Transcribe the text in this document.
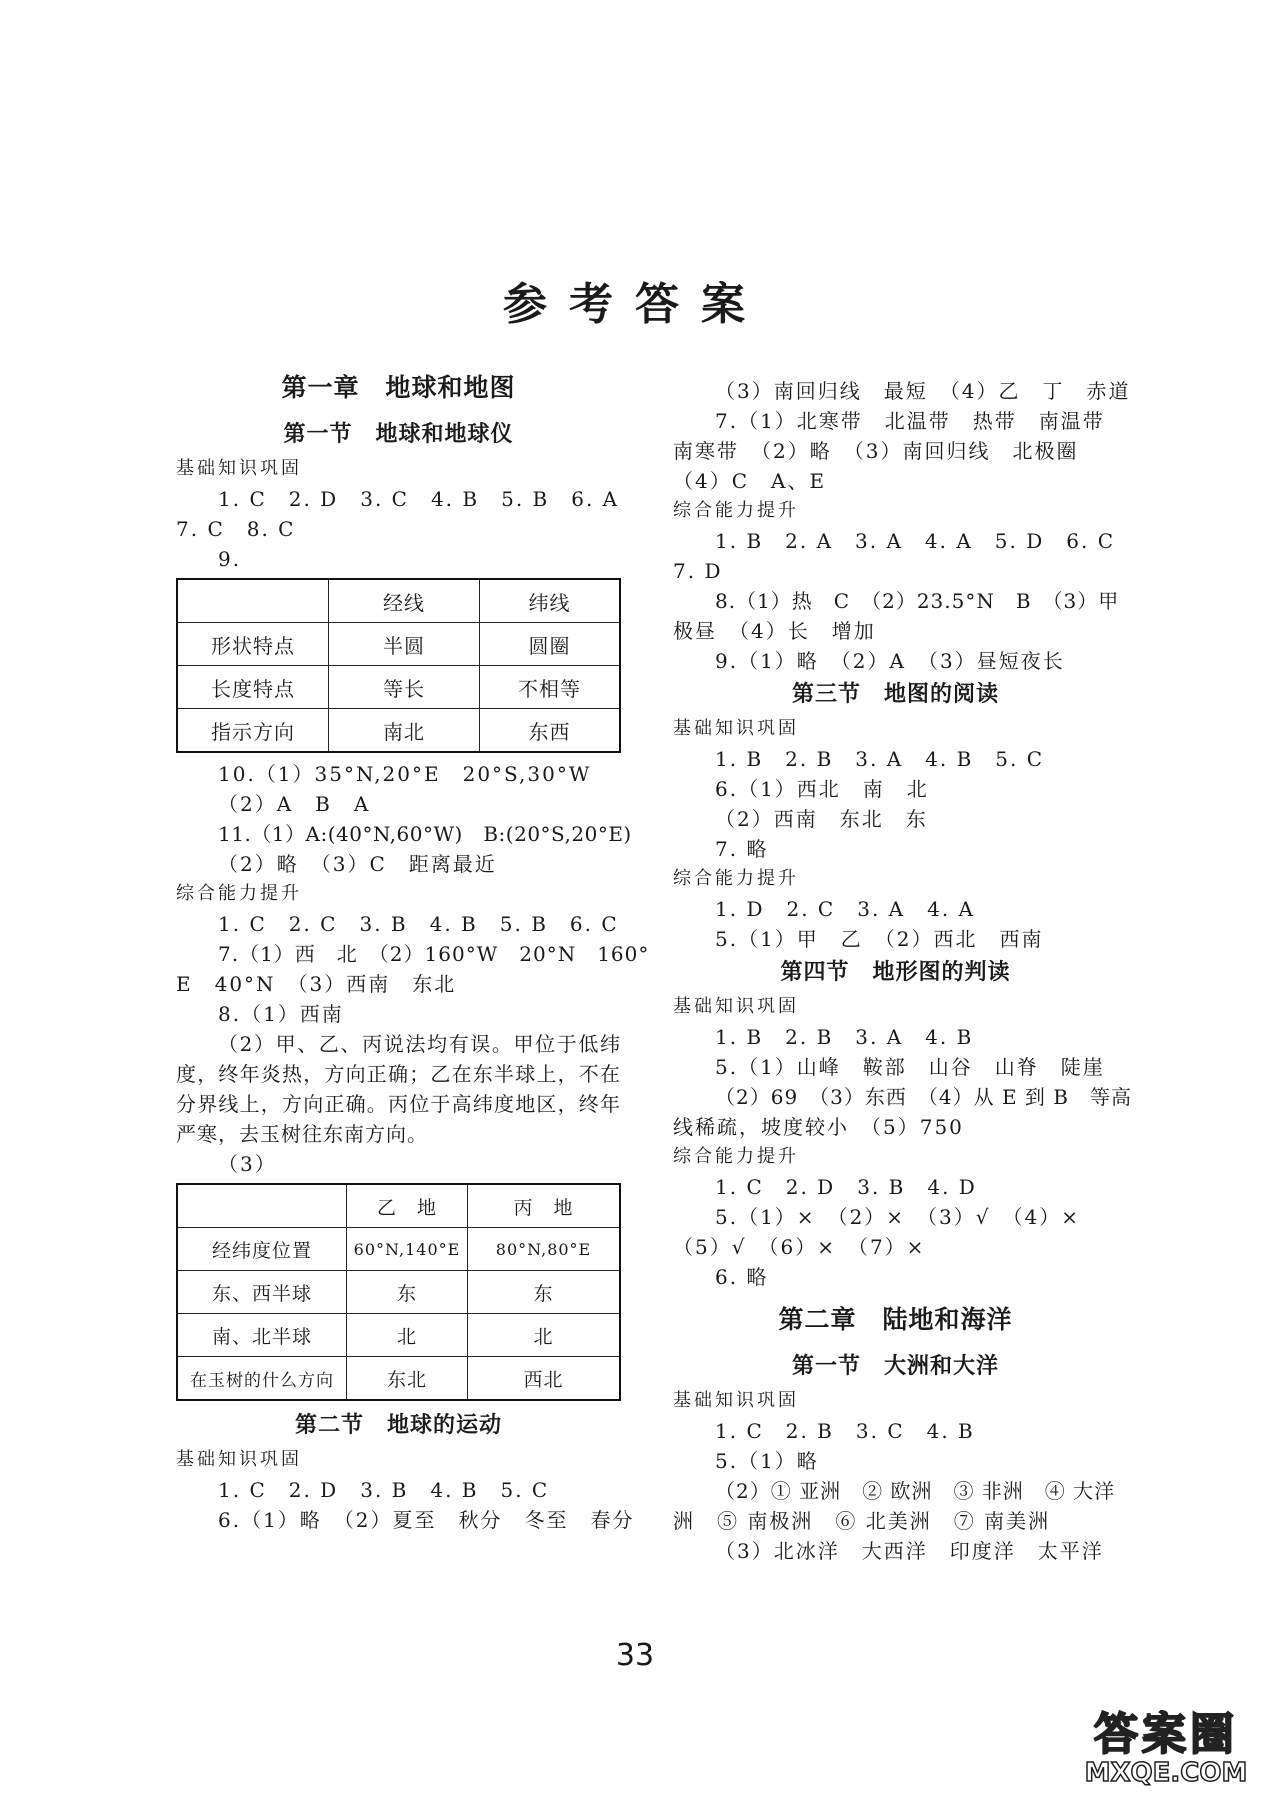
参考答案
第一章　地球和地图
第一节　地球和地球仪
基础知识巩固
1. C　2. D　3. C　4. B　5. B　6. A
7. C　8. C
9.
	经线	纬线
形状特点	半圆	圆圈
长度特点	等长	不相等
指示方向	南北	东西
10.（1）35°N,20°E　20°S,30°W
（2）A　B　A
11.（1）A:(40°N,60°W)　B:(20°S,20°E)
（2）略　（3）C　距离最近
综合能力提升
1. C　2. C　3. B　4. B　5. B　6. C
7.（1）西　北　（2）160°W　20°N　160°
E　40°N　（3）西南　东北
8.（1）西南
（2）甲、乙、丙说法均有误。甲位于低纬度，终年炎热，方向正确；乙在东半球上，不在分界线上，方向正确。丙位于高纬度地区，终年严寒，去玉树往东南方向。
（3）
	乙　地	丙　地
经纬度位置	60°N,140°E	80°N,80°E
东、西半球	东	东
南、北半球	北	北
在玉树的什么方向	东北	西北
第二节　地球的运动
基础知识巩固
1. C　2. D　3. B　4. B　5. C
6.（1）略　（2）夏至　秋分　冬至　春分
（3）南回归线　最短　（4）乙　丁　赤道
7.（1）北寒带　北温带　热带　南温带
南寒带　（2）略　（3）南回归线　北极圈
（4）C　A、E
综合能力提升
1. B　2. A　3. A　4. A　5. D　6. C
7. D
8.（1）热　C　（2）23.5°N　B　（3）甲
极昼　（4）长　增加
9.（1）略　（2）A　（3）昼短夜长
第三节　地图的阅读
基础知识巩固
1. B　2. B　3. A　4. B　5. C
6.（1）西北　南　北
（2）西南　东北　东
7. 略
综合能力提升
1. D　2. C　3. A　4. A
5.（1）甲　乙　（2）西北　西南
第四节　地形图的判读
基础知识巩固
1. B　2. B　3. A　4. B
5.（1）山峰　鞍部　山谷　山脊　陡崖
（2）69　（3）东西　（4）从 E 到 B　等高
线稀疏，坡度较小　（5）750
综合能力提升
1. C　2. D　3. B　4. D
5.（1）×　（2）×　（3）√　（4）×
（5）√　（6）×　（7）×
6. 略
第二章　陆地和海洋
第一节　大洲和大洋
基础知识巩固
1. C　2. B　3. C　4. B
5.（1）略
（2）① 亚洲　② 欧洲　③ 非洲　④ 大洋
洲　⑤ 南极洲　⑥ 北美洲　⑦ 南美洲
（3）北冰洋　大西洋　印度洋　太平洋
33
答案圈
MXQE.COM
